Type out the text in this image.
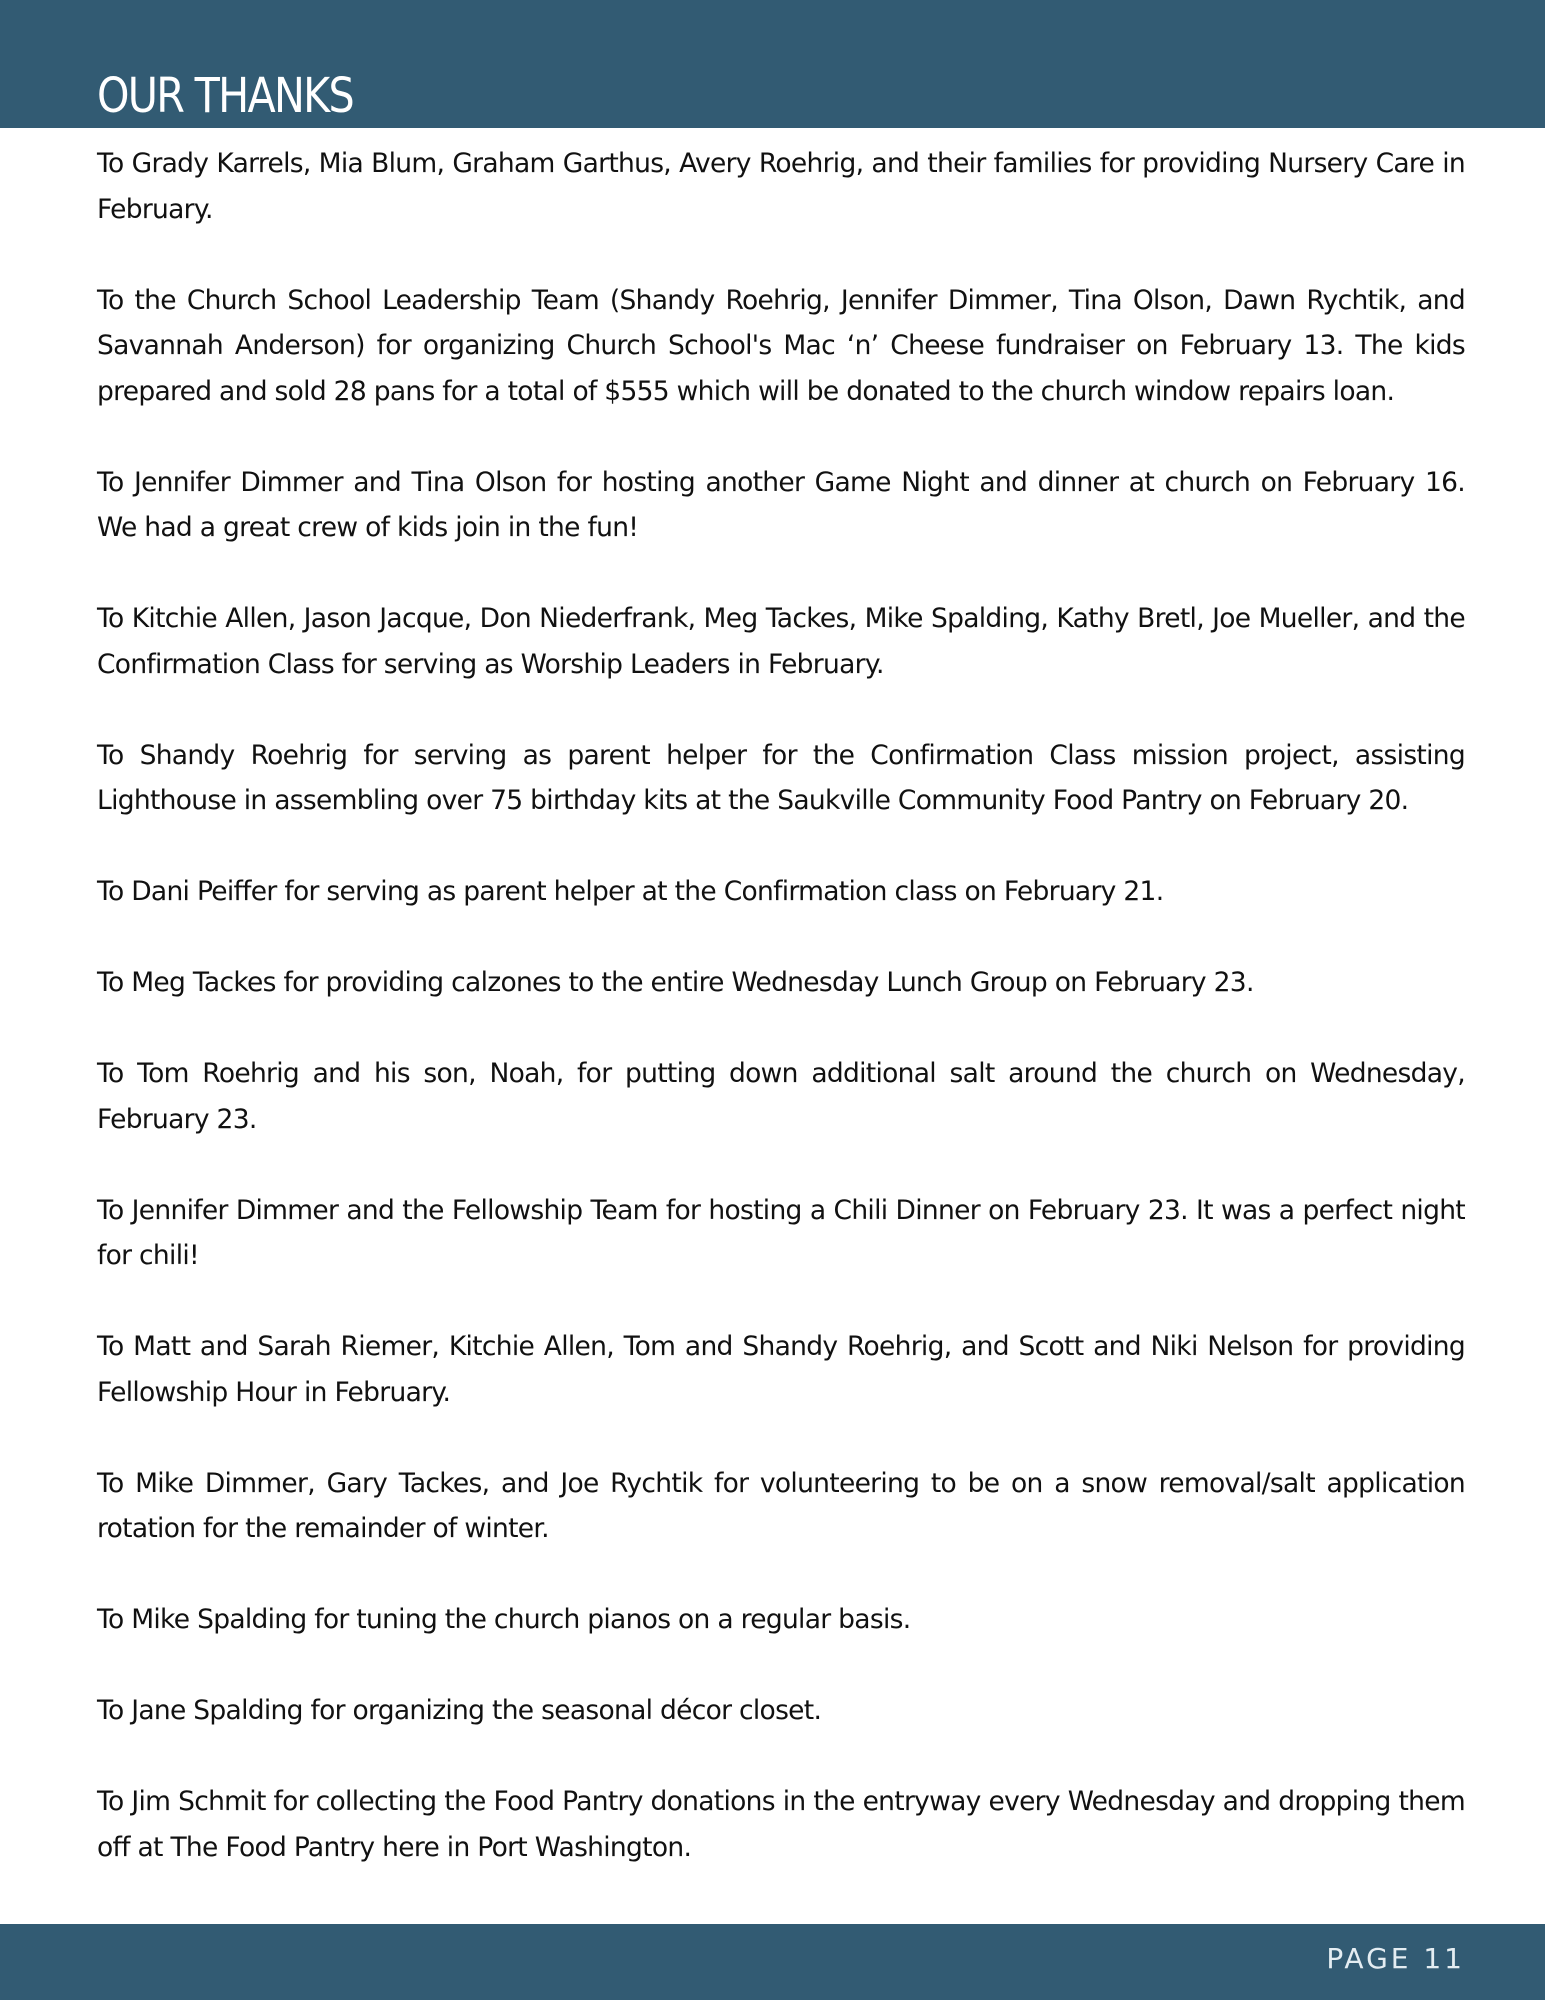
OUR THANKS

To Grady Karrels, Mia Blum, Graham Garthus, Avery Roehrig, and their families for providing Nursery Care in February.

To the Church School Leadership Team (Shandy Roehrig, Jennifer Dimmer, Tina Olson, Dawn Rychtik, and Savannah Anderson) for organizing Church School's Mac ‘n’ Cheese fundraiser on February 13. The kids prepared and sold 28 pans for a total of $555 which will be donated to the church window repairs loan.

To Jennifer Dimmer and Tina Olson for hosting another Game Night and dinner at church on February 16. We had a great crew of kids join in the fun!

To Kitchie Allen, Jason Jacque, Don Niederfrank, Meg Tackes, Mike Spalding, Kathy Bretl, Joe Mueller, and the Confirmation Class for serving as Worship Leaders in February.

To Shandy Roehrig for serving as parent helper for the Confirmation Class mission project, assisting Lighthouse in assembling over 75 birthday kits at the Saukville Community Food Pantry on February 20.

To Dani Peiffer for serving as parent helper at the Confirmation class on February 21.

To Meg Tackes for providing calzones to the entire Wednesday Lunch Group on February 23.

To Tom Roehrig and his son, Noah, for putting down additional salt around the church on Wednesday, February 23.

To Jennifer Dimmer and the Fellowship Team for hosting a Chili Dinner on February 23. It was a perfect night for chili!

To Matt and Sarah Riemer, Kitchie Allen, Tom and Shandy Roehrig, and Scott and Niki Nelson for providing Fellowship Hour in February.

To Mike Dimmer, Gary Tackes, and Joe Rychtik for volunteering to be on a snow removal/salt application rotation for the remainder of winter.

To Mike Spalding for tuning the church pianos on a regular basis.

To Jane Spalding for organizing the seasonal décor closet.

To Jim Schmit for collecting the Food Pantry donations in the entryway every Wednesday and dropping them off at The Food Pantry here in Port Washington.

PAGE 11
